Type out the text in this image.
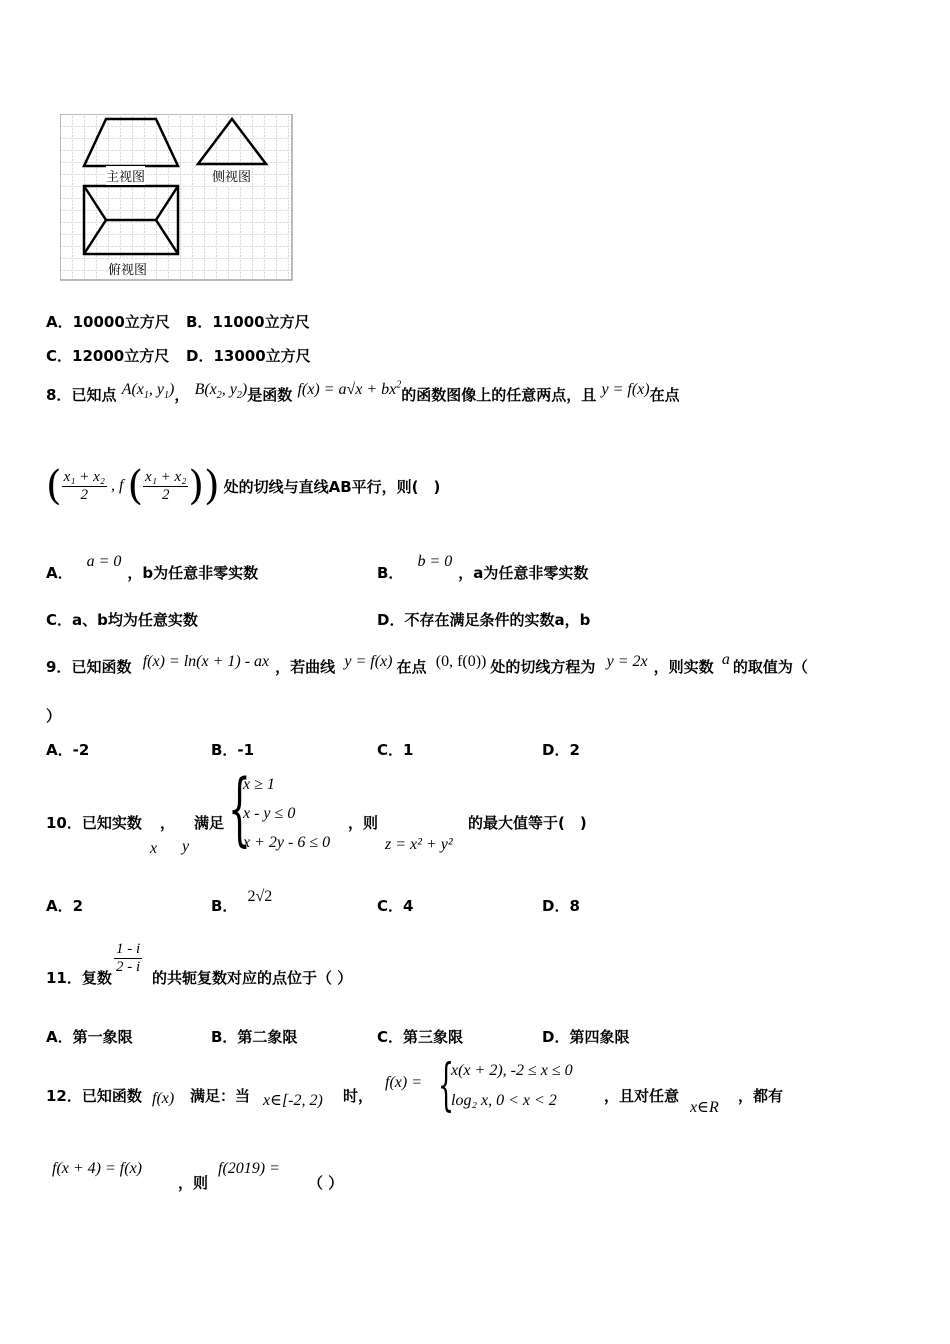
主视图	侧视图
俯视图
A．10000立方尺 B．11000立方尺
C．12000立方尺 D．13000立方尺
8．已知点 $A(x_1$, $y_1$)， $B(x_2$, $y_2$)是函数 $f(x) = a√x + bx^2$的函数图像上的任意两点，且 y = f(x)在点
( $\frac{\text{x₁ + x₂}}{2}$ , f ( $\frac{\text{x₁ + x₂}}{2}$ )) 处的切线与直线AB平行，则(　)
A．a = 0，b为任意非零实数	B．b = 0，a为任意非零实数
C．a、b均为任意实数	D．不存在满足条件的实数a，b
9．已知函数 f(x) = ln(x + 1) - ax ，若曲线 y = f(x) 在点 (0, f(0)) 处的切线方程为 y = 2x ，则实数 a 的取值为（
）
A．-2	B．-1	C．1	D．2
10．已知实数 ， 满足
x y {
x ≥ 1
x - y ≤ 0
x + 2y - 6 ≤ 0
，则
z = x² + y²
的最大值等于(　)
A．2	B．2√2
C．4	D．8
11．复数
$\frac{1 - i}{2 - i}$
的共轭复数对应的点位于（ ）
A．第一象限	B．第二象限	C．第三象限	D．第四象限
12．已知函数 f(x) 满足：当 x∈[-2, 2) 时，
f(x) = {
x(x + 2), -2 ≤ x ≤ 0
log₂ x, 0 < x < 2	，且对任意
x∈R
，都有
f(x + 4) = f(x)
，则
f(2019) =
（ ）
